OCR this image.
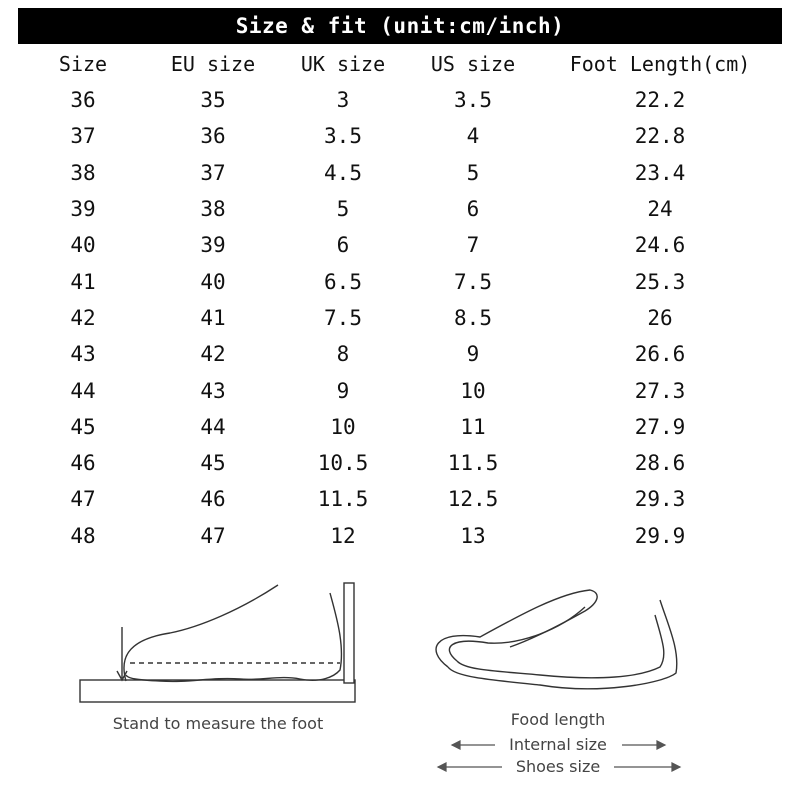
Size & fit (unit:cm/inch)
Size	EU size	UK size	US size	Foot Length(cm)
36	35	3	3.5	22.2
37	36	3.5	4	22.8
38	37	4.5	5	23.4
39	38	5	6	24
40	39	6	7	24.6
41	40	6.5	7.5	25.3
42	41	7.5	8.5	26
43	42	8	9	26.6
44	43	9	10	27.3
45	44	10	11	27.9
46	45	10.5	11.5	28.6
47	46	11.5	12.5	29.3
48	47	12	13	29.9
Stand to measure the foot	Food length
Internal size
Shoes size
